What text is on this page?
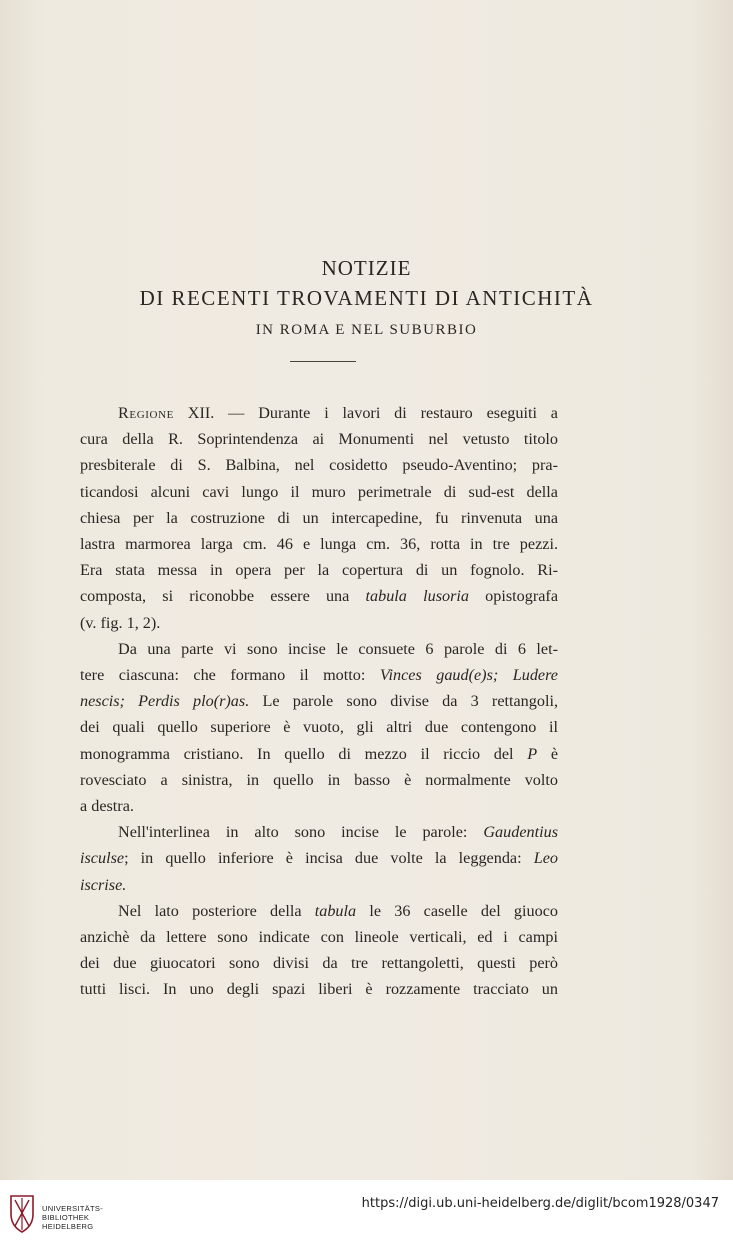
NOTIZIE
DI RECENTI TROVAMENTI DI ANTICHITÀ
IN ROMA E NEL SUBURBIO
Regione XII. — Durante i lavori di restauro eseguiti a
cura della R. Soprintendenza ai Monumenti nel vetusto titolo
presbiterale di S. Balbina, nel cosidetto pseudo-Aventino; pra-
ticandosi alcuni cavi lungo il muro perimetrale di sud-est della
chiesa per la costruzione di un intercapedine, fu rinvenuta una
lastra marmorea larga cm. 46 e lunga cm. 36, rotta in tre pezzi.
Era stata messa in opera per la copertura di un fognolo. Ri-
composta, si riconobbe essere una tabula lusoria opistografa
(v. fig. 1, 2).
Da una parte vi sono incise le consuete 6 parole di 6 let-
tere ciascuna: che formano il motto: Vinces gaud(e)s; Ludere
nescis; Perdis plo(r)as. Le parole sono divise da 3 rettangoli,
dei quali quello superiore è vuoto, gli altri due contengono il
monogramma cristiano. In quello di mezzo il riccio del P è
rovesciato a sinistra, in quello in basso è normalmente volto
a destra.
Nell'interlinea in alto sono incise le parole: Gaudentius
isculse; in quello inferiore è incisa due volte la leggenda: Leo
iscrise.
Nel lato posteriore della tabula le 36 caselle del giuoco
anzichè da lettere sono indicate con lineole verticali, ed i campi
dei due giuocatori sono divisi da tre rettangoletti, questi però
tutti lisci. In uno degli spazi liberi è rozzamente tracciato un
UNIVERSITÄTS-
BIBLIOTHEK
HEIDELBERG
https://digi.ub.uni-heidelberg.de/diglit/bcom1928/0347
